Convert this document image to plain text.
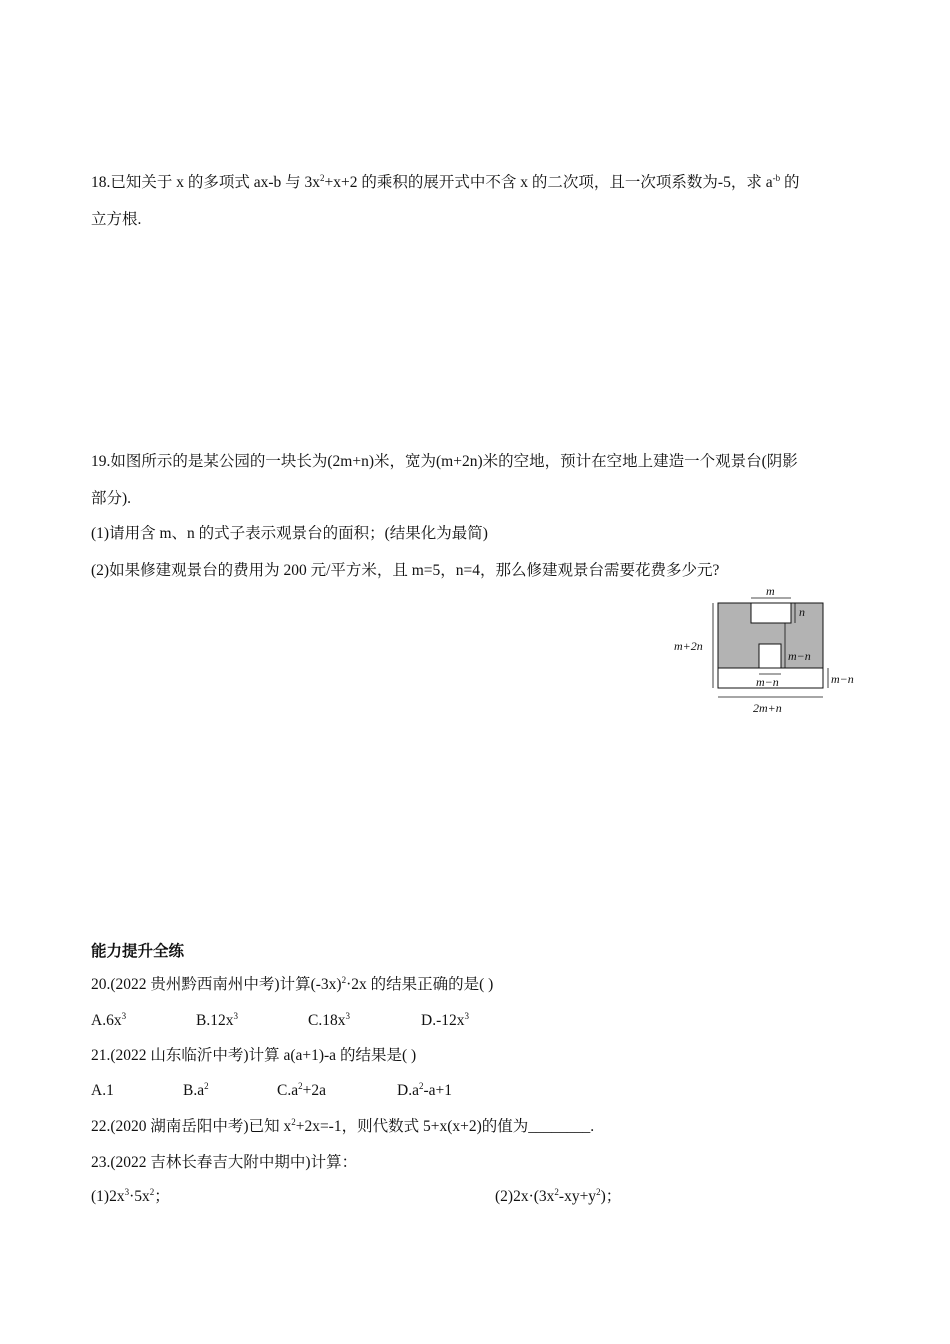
18.已知关于 x 的多项式 ax-b 与 $3x^2+x+2$ 的乘积的展开式中不含 x 的二次项，且一次项系数为-5，求 $a^{-b}$ 的
立方根.
19.如图所示的是某公园的一块长为(2m+n)米，宽为(m+2n)米的空地，预计在空地上建造一个观景台(阴影
部分).
(1)请用含 m、n 的式子表示观景台的面积；(结果化为最简)
(2)如果修建观景台的费用为 200 元/平方米，且 m=5，n=4，那么修建观景台需要花费多少元?
m
n
m−n
m−n	m−n
m+2n
2m+n
能力提升全练
20.(2022 贵州黔西南州中考)计算$(-3x)^2\cdot 2x$ 的结果正确的是( )
$A.6x^3$	$B.12x^3$	$C.18x^3$	$D.-12x^3$
21.(2022 山东临沂中考)计算 a(a+1)-a 的结果是( )
A.1	$B.a^2$	$C.a^2+2a$	$D.a^2-a+1$
22.(2020 湖南岳阳中考)已知 $x^2+2x=-1$，则代数式 5+x(x+2)的值为________.
23.(2022 吉林长春吉大附中期中)计算：
$(1)2x^3\cdot 5x^2$；	$(2)2x\cdot(3x^2-xy+y^2)$；
